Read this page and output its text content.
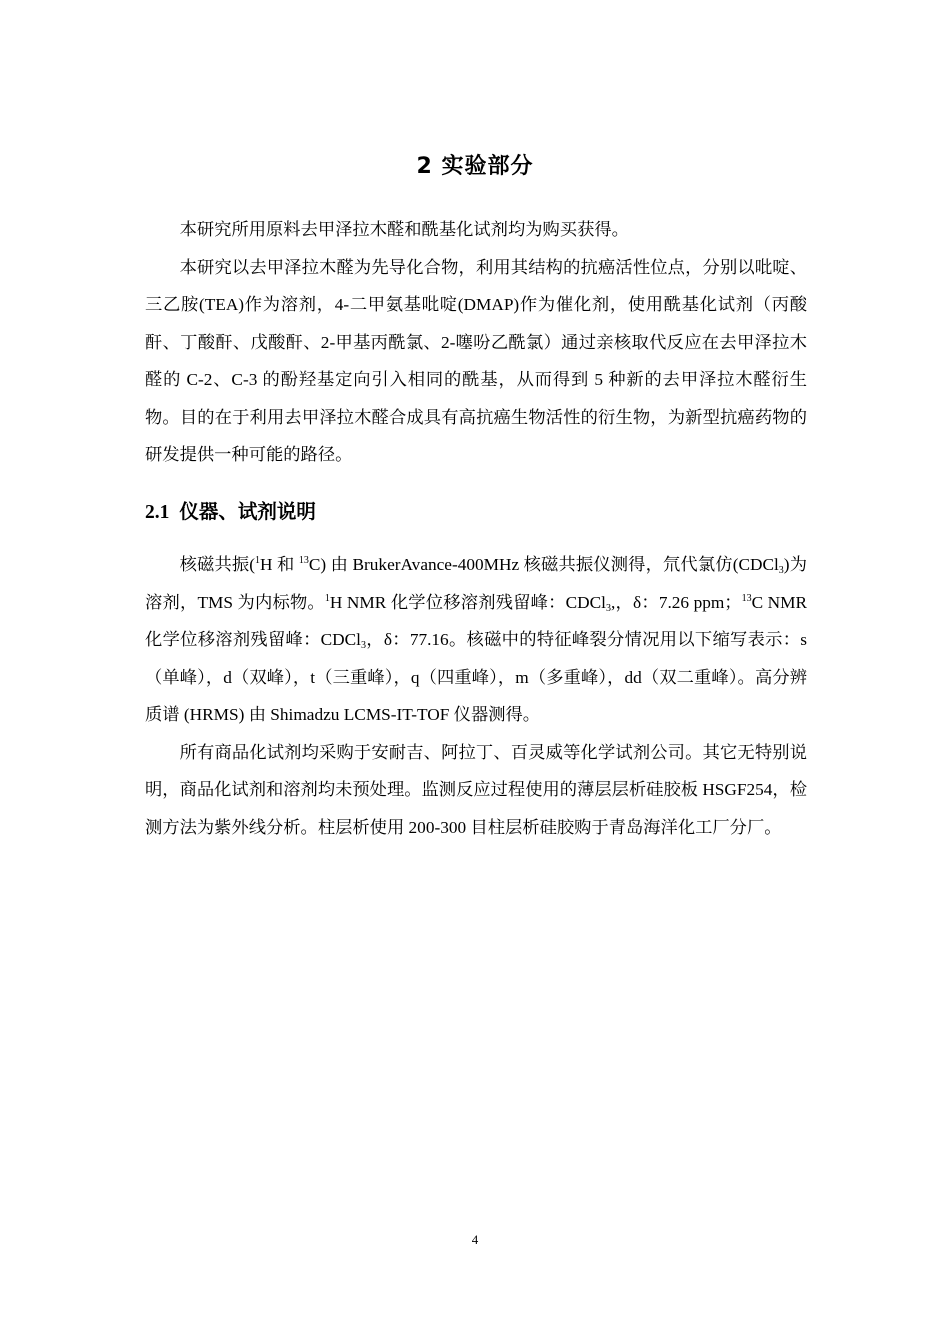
2 实验部分

本研究所用原料去甲泽拉木醛和酰基化试剂均为购买获得。

本研究以去甲泽拉木醛为先导化合物，利用其结构的抗癌活性位点，分别以吡啶、三乙胺(TEA)作为溶剂，4-二甲氨基吡啶(DMAP)作为催化剂，使用酰基化试剂（丙酸酐、丁酸酐、戊酸酐、2-甲基丙酰氯、2-噻吩乙酰氯）通过亲核取代反应在去甲泽拉木醛的 C-2、C-3 的酚羟基定向引入相同的酰基，从而得到 5 种新的去甲泽拉木醛衍生物。目的在于利用去甲泽拉木醛合成具有高抗癌生物活性的衍生物，为新型抗癌药物的研发提供一种可能的路径。

2.1 仪器、试剂说明

核磁共振($^1$H 和 $^{13}$C) 由 BrukerAvance-400MHz 核磁共振仪测得，氘代氯仿(CDCl$_3$)为溶剂，TMS 为内标物。$^1$H NMR 化学位移溶剂残留峰：CDCl$_3$,，δ：7.26 ppm；$^{13}$C NMR 化学位移溶剂残留峰：CDCl$_3$，δ：77.16。核磁中的特征峰裂分情况用以下缩写表示：s（单峰），d（双峰），t（三重峰），q（四重峰），m（多重峰），dd（双二重峰）。高分辨质谱 (HRMS) 由 Shimadzu LCMS-IT-TOF 仪器测得。

所有商品化试剂均采购于安耐吉、阿拉丁、百灵威等化学试剂公司。其它无特别说明，商品化试剂和溶剂均未预处理。监测反应过程使用的薄层层析硅胶板 HSGF254，检测方法为紫外线分析。柱层析使用 200-300 目柱层析硅胶购于青岛海洋化工厂分厂。

4
